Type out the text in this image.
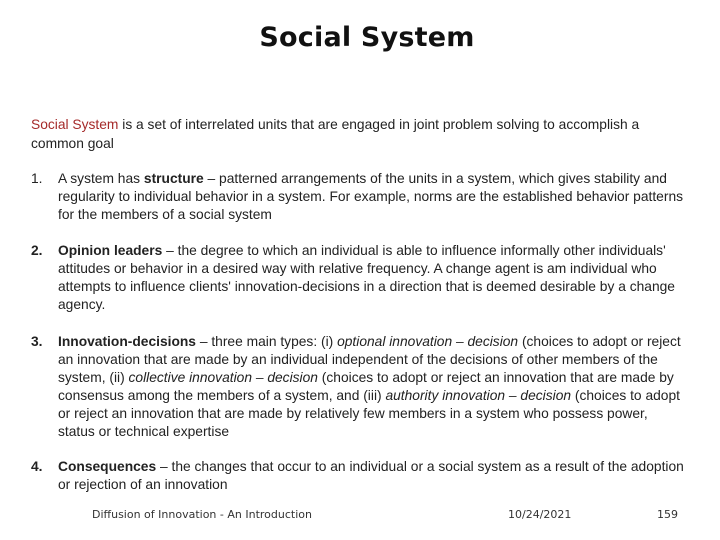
Social System
Social System is a set of interrelated units that are engaged in joint problem solving to accomplish a common goal
1. A system has structure – patterned arrangements of the units in a system, which gives stability and regularity to individual behavior in a system. For example, norms are the established behavior patterns for the members of a social system
2. Opinion leaders – the degree to which an individual is able to influence informally other individuals' attitudes or behavior in a desired way with relative frequency. A change agent is am individual who attempts to influence clients' innovation-decisions in a direction that is deemed desirable by a change agency.
3. Innovation-decisions – three main types: (i) optional innovation – decision (choices to adopt or reject an innovation that are made by an individual independent of the decisions of other members of the system, (ii) collective innovation – decision (choices to adopt or reject an innovation that are made by consensus among the members of a system, and (iii) authority innovation – decision (choices to adopt or reject an innovation that are made by relatively few members in a system who possess power, status or technical expertise
4. Consequences – the changes that occur to an individual or a social system as a result of the adoption or rejection of an innovation
Diffusion of Innovation - An Introduction	10/24/2021	159
